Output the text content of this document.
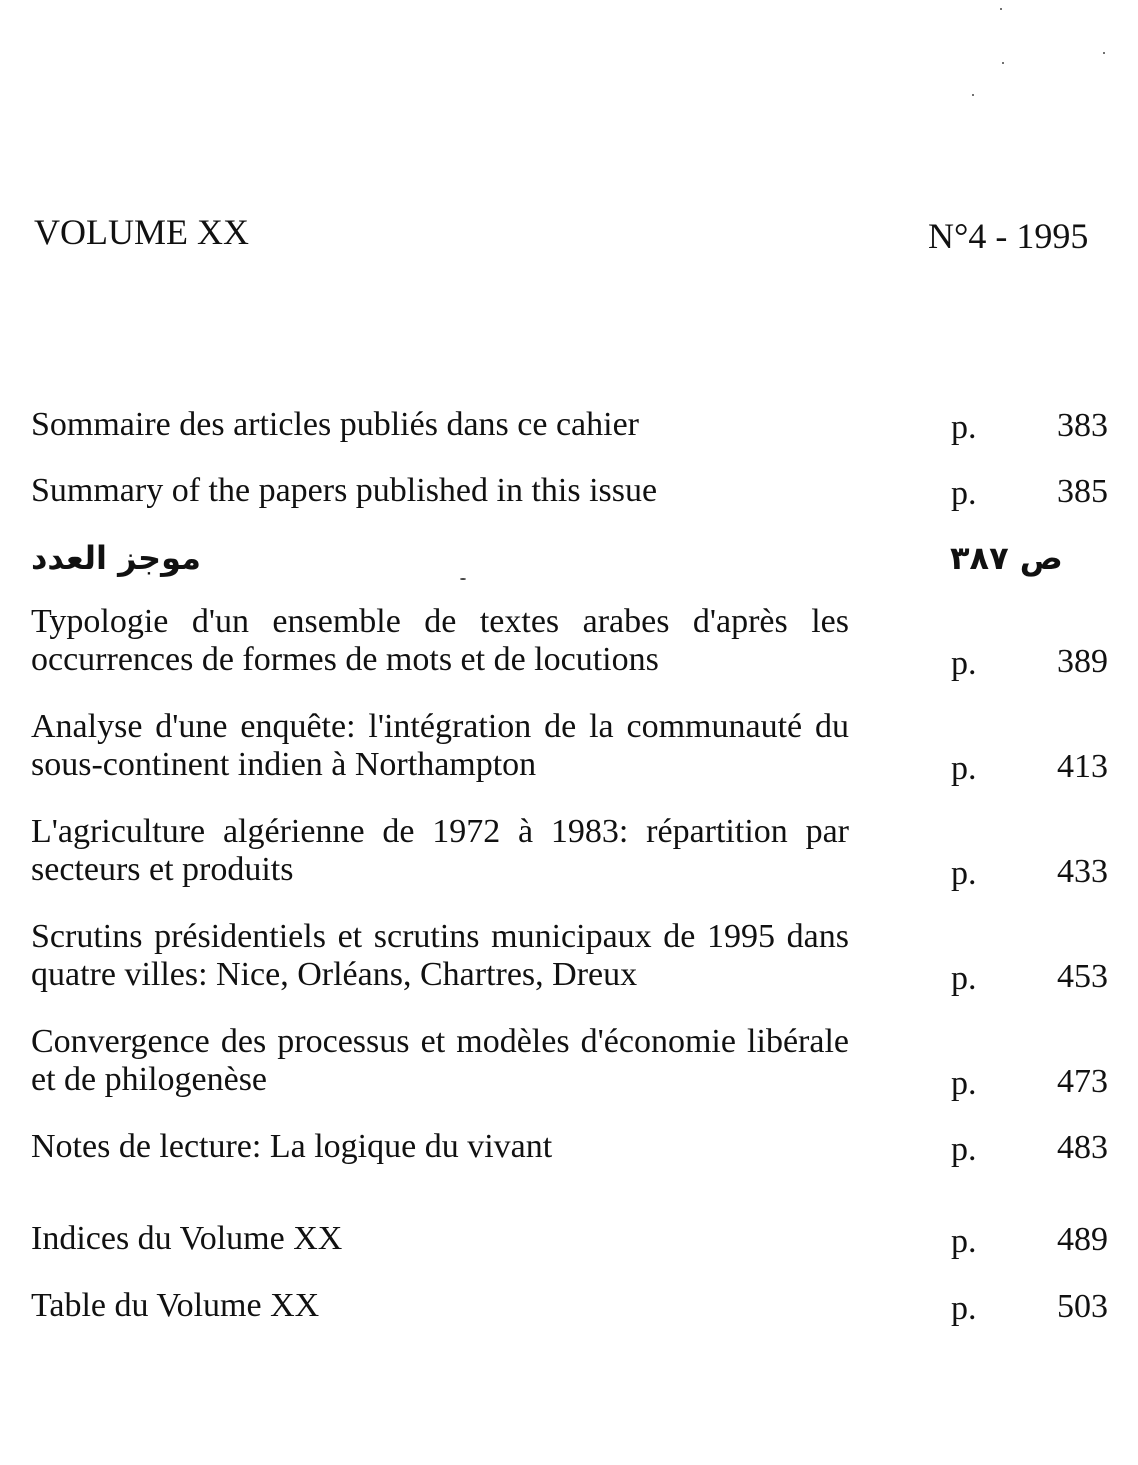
VOLUME XX	N°4 - 1995
Sommaire des articles publiés dans ce cahier	p. 383
Summary of the papers published in this issue	p. 385
موجز العدد	ص ٣٨٧
Typologie d'un ensemble de textes arabes d'après les occurrences de formes de mots et de locutions	p. 389
Analyse d'une enquête: l'intégration de la communauté du sous-continent indien à Northampton	p. 413
L'agriculture algérienne de 1972 à 1983: répartition par secteurs et produits	p. 433
Scrutins présidentiels et scrutins municipaux de 1995 dans quatre villes: Nice, Orléans, Chartres, Dreux	p. 453
Convergence des processus et modèles d'économie libérale et de philogenèse	p. 473
Notes de lecture: La logique du vivant	p. 483
Indices du Volume XX	p. 489
Table du Volume XX	p. 503
